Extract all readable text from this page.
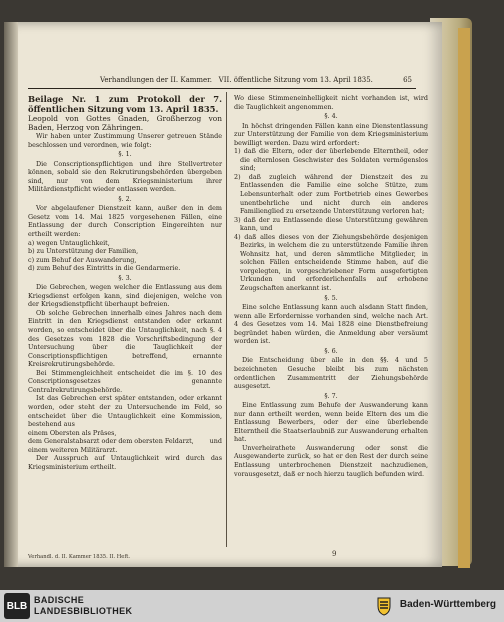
Verhandlungen der II. Kammer. VII. öffentliche Sitzung vom 13. April 1835.	65

Beilage Nr. 1 zum Protokoll der 7. öffentlichen Sitzung vom 13. April 1835.

Leopold von Gottes Gnaden, Großherzog von Baden, Herzog von Zähringen.

Wir haben unter Zustimmung Unserer getreuen Stände beschlossen und verordnen, wie folgt:

§. 1.

Die Conscriptionspflichtigen und ihre Stellvertreter können, sobald sie den Rekrutirungsbehörden übergeben sind, nur von dem Kriegsministerium ihrer Militärdienstpflicht wieder entlassen werden.

§. 2.

Vor abgelaufener Dienstzeit kann, außer den in dem Gesetz vom 14. Mai 1825 vorgesehenen Fällen, eine Entlassung der durch Conscription Eingereihten nur ertheilt werden:

a) wegen Untauglichkeit,

b) zu Unterstützung der Familien,

c) zum Behuf der Auswanderung,

d) zum Behuf des Eintritts in die Gendarmerie.

§. 3.

Die Gebrechen, wegen welcher die Entlassung aus dem Kriegsdienst erfolgen kann, sind diejenigen, welche von der Kriegsdienstpflicht überhaupt befreien.

Ob solche Gebrechen innerhalb eines Jahres nach dem Eintritt in den Kriegsdienst entstanden oder erkannt worden, so entscheidet über die Untauglichkeit, nach §. 4 des Gesetzes vom 1828 die Vorschriftsbedingung der Untersuchung über die Tauglichkeit der Conscriptionspflichtigen betreffend, ernannte Kreisrekrutirungsbehörde.

Bei Stimmengleichheit entscheidet die im §. 10 des Conscriptionsgesetzes genannte Centralrekrutirungsbehörde.

Ist das Gebrechen erst später entstanden, oder erkannt worden, oder steht der zu Untersuchende im Feld, so entscheidet über die Untauglichkeit eine Kommission, bestehend aus

einem Obersten als Präses,
dem Generalstabsarzt oder dem obersten Feldarzt, und
einem weiteren Militärarzt.

Der Ausspruch auf Untauglichkeit wird durch das Kriegsministerium ertheilt.

Wo diese Stimmeneinhelligkeit nicht vorhanden ist, wird die Tauglichkeit angenommen.

§. 4.

In höchst dringenden Fällen kann eine Dienstentlassung zur Unterstützung der Familie von dem Kriegsministerium bewilligt werden. Dazu wird erfordert:

1) daß die Eltern, oder der überlebende Elterntheil, oder die elternlosen Geschwister des Soldaten vermögenslos sind;

2) daß zugleich während der Dienstzeit des zu Entlassenden die Familie eine solche Stütze, zum Lebensunterhalt oder zum Fortbetrieb eines Gewerbes unentbehrliche und nicht durch ein anderes Familienglied zu ersetzende Unterstützung verloren hat;

3) daß der zu Entlassende diese Unterstützung gewähren kann, und

4) daß alles dieses von der Ziehungsbehörde desjenigen Bezirks, in welchem die zu unterstützende Familie ihren Wohnsitz hat, und deren sämmtliche Mitglieder, in solchen Fällen entscheidende Stimme haben, auf die vorgelegten, in vorgeschriebener Form ausgefertigten Urkunden und erforderlichenfalls auf erhobene Zeugschaften anerkannt ist.

§. 5.

Eine solche Entlassung kann auch alsdann Statt finden, wenn alle Erfordernisse vorhanden sind, welche nach Art. 4 des Gesetzes vom 14. Mai 1828 eine Dienstbefreiung begründet haben würden, die Anmeldung aber versäumt worden ist.

§. 6.

Die Entscheidung über alle in den §§. 4 und 5 bezeichneten Gesuche bleibt bis zum nächsten ordentlichen Zusammentritt der Ziehungsbehörde ausgesetzt.

§. 7.

Eine Entlassung zum Behufe der Auswanderung kann nur dann ertheilt werden, wenn beide Eltern des um die Entlassung Bewerbers, oder der eine überlebende Elterntheil die Staatserlaubniß zur Auswanderung erhalten hat.

Unverheirathete Auswanderung oder sonst die Ausgewanderte zurück, so hat er den Rest der durch seine Entlassung unterbrochenen Dienstzeit nachzudienen, vorausgesetzt, daß er noch hierzu tauglich befunden wird.

Verhandl. d. II. Kammer 1835. II. Heft.	9
BLB
BADISCHE
LANDESBIBLIOTHEK
Baden-Württemberg
